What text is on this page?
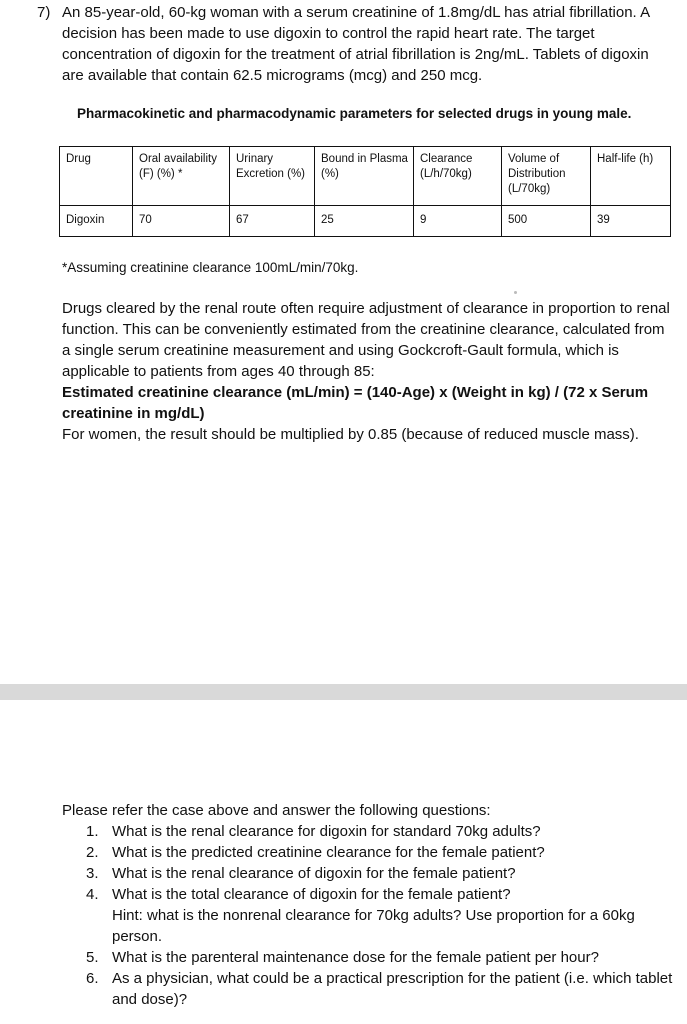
7) An 85-year-old, 60-kg woman with a serum creatinine of 1.8mg/dL has atrial fibrillation. A decision has been made to use digoxin to control the rapid heart rate. The target concentration of digoxin for the treatment of atrial fibrillation is 2ng/mL. Tablets of digoxin are available that contain 62.5 micrograms (mcg) and 250 mcg.
Pharmacokinetic and pharmacodynamic parameters for selected drugs in young male.
Drug	Oral availability (F) (%) *	Urinary Excretion (%)	Bound in Plasma (%)	Clearance (L/h/70kg)	Volume of Distribution (L/70kg)	Half-life (h)
Digoxin	70	67	25	9	500	39
*Assuming creatinine clearance 100mL/min/70kg.
Drugs cleared by the renal route often require adjustment of clearance in proportion to renal function. This can be conveniently estimated from the creatinine clearance, calculated from a single serum creatinine measurement and using Gockcroft-Gault formula, which is applicable to patients from ages 40 through 85:
Estimated creatinine clearance (mL/min) = (140-Age) x (Weight in kg) / (72 x Serum creatinine in mg/dL)
For women, the result should be multiplied by 0.85 (because of reduced muscle mass).
Please refer the case above and answer the following questions:
1. What is the renal clearance for digoxin for standard 70kg adults?
2. What is the predicted creatinine clearance for the female patient?
3. What is the renal clearance of digoxin for the female patient?
4. What is the total clearance of digoxin for the female patient?
Hint: what is the nonrenal clearance for 70kg adults? Use proportion for a 60kg person.
5. What is the parenteral maintenance dose for the female patient per hour?
6. As a physician, what could be a practical prescription for the patient (i.e. which tablet and dose)?
